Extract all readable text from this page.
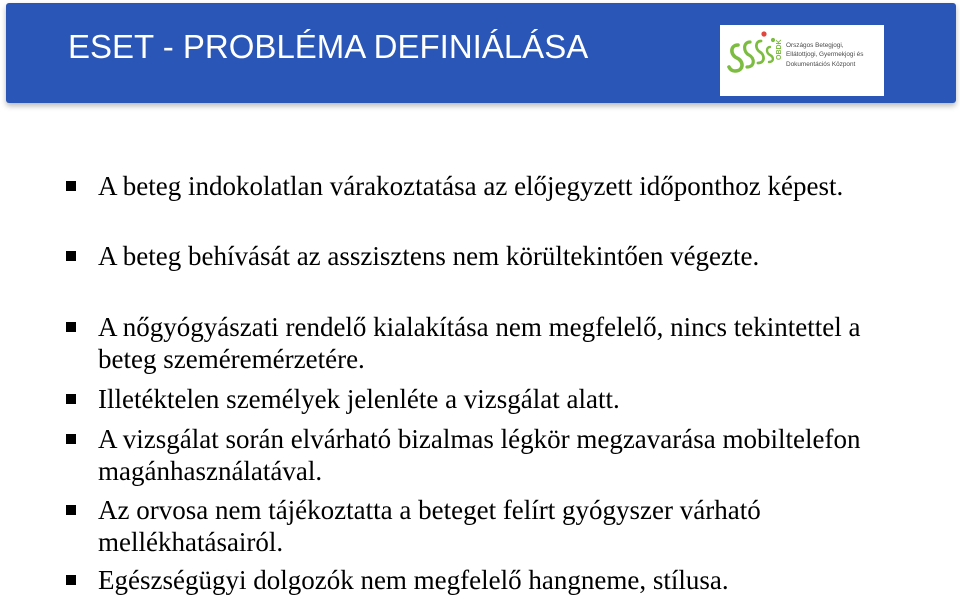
ESET - PROBLÉMA DEFINIÁLÁSA	OBDK Országos Betegjogi,
Ellátottjogi, Gyermekjogi és
Dokumentációs Központ
A beteg indokolatlan várakoztatása az előjegyzett időponthoz képest.
A beteg behívását az asszisztens nem körültekintően végezte.
A nőgyógyászati rendelő kialakítása nem megfelelő, nincs tekintettel a beteg szeméremérzetére.
Illetéktelen személyek jelenléte a vizsgálat alatt.
A vizsgálat során elvárható bizalmas légkör megzavarása mobiltelefon magánhasználatával.
Az orvosa nem tájékoztatta a beteget felírt gyógyszer várható mellékhatásairól.
Egészségügyi dolgozók nem megfelelő hangneme, stílusa.
